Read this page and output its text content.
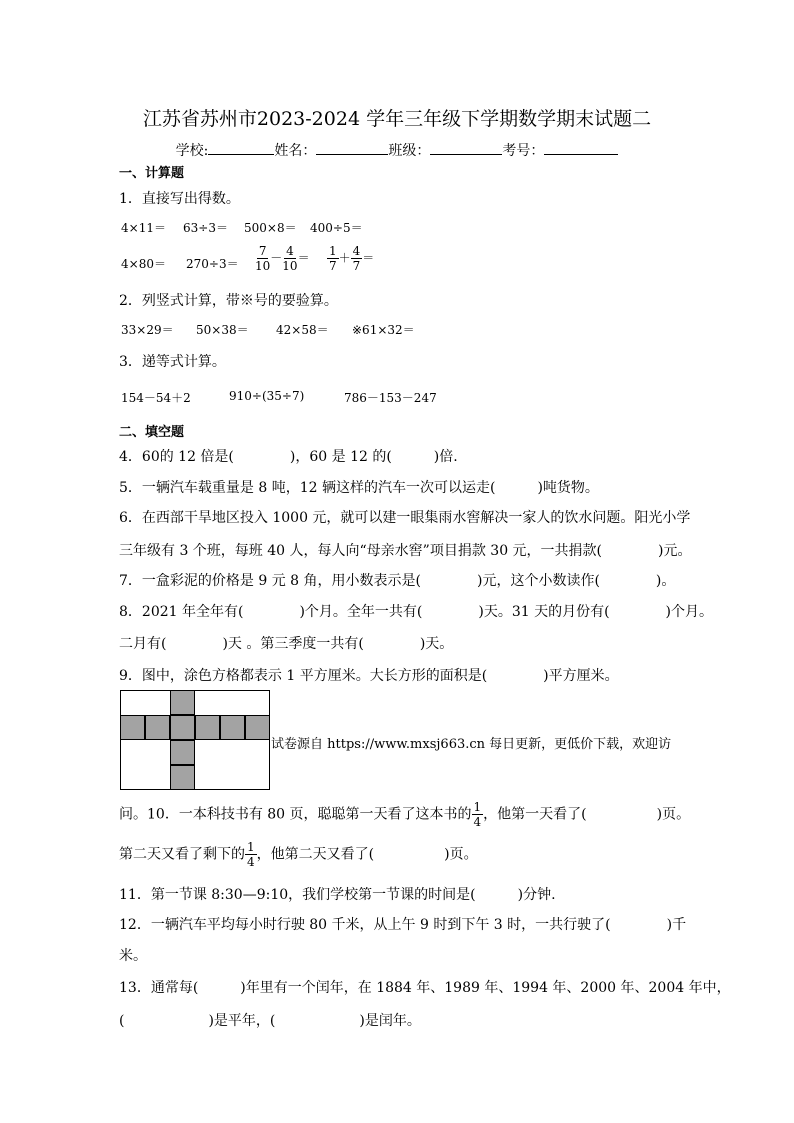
江苏省苏州市2023-2024 学年三年级下学期数学期末试题二
学校:	姓名：	班级：	考号：
一、计算题
1．直接写出得数。
4×11＝ 63÷3＝ 500×8＝ 400÷5＝
$4\times 80= 270\div 3= \frac{7}{10} - \frac{4}{10} = \frac{1}{7} + \frac{4}{7}$ ＝
2．列竖式计算，带※号的要验算。
33×29＝ 50×38＝ 42×58＝ ※61×32＝
3．递等式计算。
154－54＋2	910÷(35÷7)	786－153－247
二、填空题
4．60的 12 倍是(　　　　)，60 是 12 的(　　　)倍.
5．一辆汽车载重量是 8 吨，12 辆这样的汽车一次可以运走(　　　)吨货物。
6．在西部干旱地区投入 1000 元，就可以建一眼集雨水窖解决一家人的饮水问题。阳光小学
三年级有 3 个班，每班 40 人，每人向“母亲水窖”项目捐款 30 元，一共捐款(　　　　)元。
7．一盒彩泥的价格是 9 元 8 角，用小数表示是(　　　　)元，这个小数读作(　　　　)。
8．2021 年全年有(　　　　)个月。全年一共有(　　　　)天。31 天的月份有(　　　　)个月。
二月有(　　　　)天 。第三季度一共有(　　　　)天。
9．图中，涂色方格都表示 1 平方厘米。大长方形的面积是(　　　　)平方厘米。
试卷源自 https://www.mxsj663.cn 每日更新，更低价下载，欢迎访
问。10．一本科技书有 80 页，聪聪第一天看了这本书的 $\frac{1}{4}$ ，他第一天看了(　　　　　)页。
第二天又看了剩下的 $\frac{1}{4}$ ，他第二天又看了(　　　　　)页。
11．第一节课 8:30—9:10，我们学校第一节课的时间是(　　　)分钟.
12．一辆汽车平均每小时行驶 80 千米，从上午 9 时到下午 3 时，一共行驶了(　　　　)千
米。
13．通常每(　　　)年里有一个闰年，在 1884 年、1989 年、1994 年、2000 年、2004 年中，
(　　　　　　)是平年，(　　　　　　)是闰年。
